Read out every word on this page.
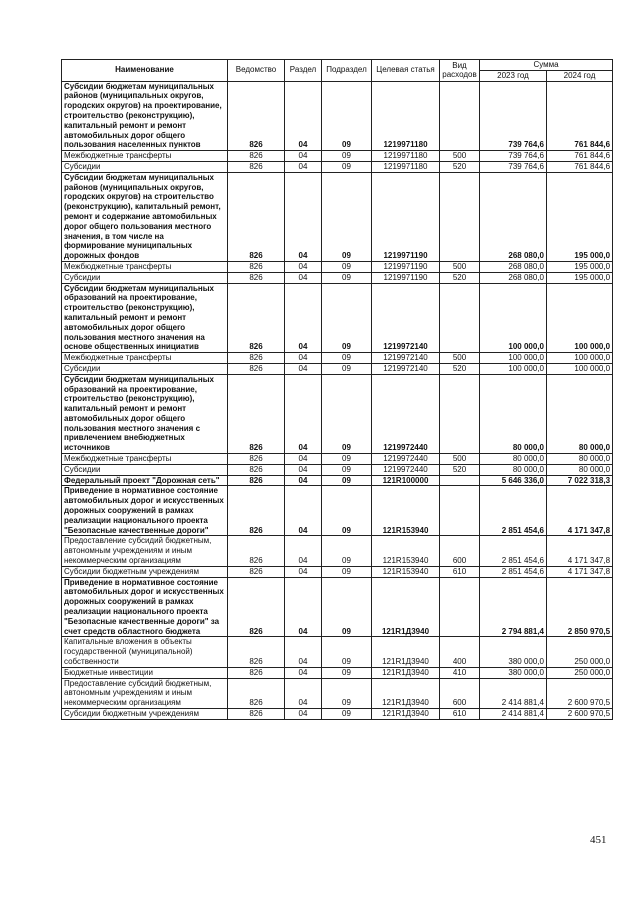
Наименование	Ведомство	Раздел	Подраздел	Целевая статья	Вид расходов	Сумма	
						2023 год	2024 год
Субсидии бюджетам муниципальных районов (муниципальных округов, городских округов) на проектирование, строительство (реконструкцию), капитальный ремонт и ремонт автомобильных дорог общего пользования населенных пунктов	826	04	09	1219971180		739 764,6	761 844,6
Межбюджетные трансферты	826	04	09	1219971180	500	739 764,6	761 844,6
Субсидии	826	04	09	1219971180	520	739 764,6	761 844,6
Субсидии бюджетам муниципальных районов (муниципальных округов, городских округов) на строительство (реконструкцию), капитальный ремонт, ремонт и содержание автомобильных дорог общего пользования местного значения, в том числе на формирование муниципальных дорожных фондов	826	04	09	1219971190		268 080,0	195 000,0
Межбюджетные трансферты	826	04	09	1219971190	500	268 080,0	195 000,0
Субсидии	826	04	09	1219971190	520	268 080,0	195 000,0
Субсидии бюджетам муниципальных образований на проектирование, строительство (реконструкцию), капитальный ремонт и ремонт автомобильных дорог общего пользования местного значения на основе общественных инициатив	826	04	09	1219972140		100 000,0	100 000,0
Межбюджетные трансферты	826	04	09	1219972140	500	100 000,0	100 000,0
Субсидии	826	04	09	1219972140	520	100 000,0	100 000,0
Субсидии бюджетам муниципальных образований на проектирование, строительство (реконструкцию), капитальный ремонт и ремонт автомобильных дорог общего пользования местного значения с привлечением внебюджетных источников	826	04	09	1219972440		80 000,0	80 000,0
Межбюджетные трансферты	826	04	09	1219972440	500	80 000,0	80 000,0
Субсидии	826	04	09	1219972440	520	80 000,0	80 000,0
Федеральный проект "Дорожная сеть"	826	04	09	121R100000		5 646 336,0	7 022 318,3
Приведение в нормативное состояние автомобильных дорог и искусственных дорожных сооружений в рамках реализации национального проекта "Безопасные качественные дороги"	826	04	09	121R153940		2 851 454,6	4 171 347,8
Предоставление субсидий бюджетным, автономным учреждениям и иным некоммерческим организациям	826	04	09	121R153940	600	2 851 454,6	4 171 347,8
Субсидии бюджетным учреждениям	826	04	09	121R153940	610	2 851 454,6	4 171 347,8
Приведение в нормативное состояние автомобильных дорог и искусственных дорожных сооружений в рамках реализации национального проекта "Безопасные качественные дороги" за счет средств областного бюджета	826	04	09	121R1Д3940		2 794 881,4	2 850 970,5
Капитальные вложения в объекты государственной (муниципальной) собственности	826	04	09	121R1Д3940	400	380 000,0	250 000,0
Бюджетные инвестиции	826	04	09	121R1Д3940	410	380 000,0	250 000,0
Предоставление субсидий бюджетным, автономным учреждениям и иным некоммерческим организациям	826	04	09	121R1Д3940	600	2 414 881,4	2 600 970,5
Субсидии бюджетным учреждениям	826	04	09	121R1Д3940	610	2 414 881,4	2 600 970,5
451
